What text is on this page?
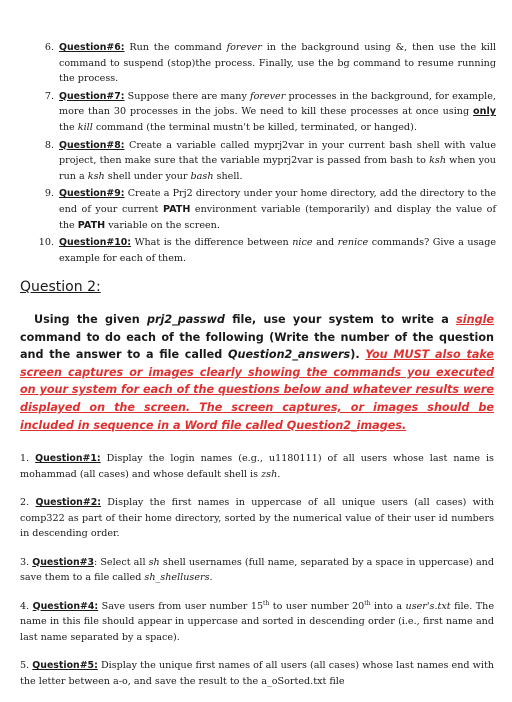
6. Question#6: Run the command forever in the background using &, then use the kill command to suspend (stop)the process. Finally, use the bg command to resume running the process.
7. Question#7: Suppose there are many forever processes in the background, for example, more than 30 processes in the jobs. We need to kill these processes at once using only the kill command (the terminal mustn't be killed, terminated, or hanged).
8. Question#8: Create a variable called myprj2var in your current bash shell with value project, then make sure that the variable myprj2var is passed from bash to ksh when you run a ksh shell under your bash shell.
9. Question#9: Create a Prj2 directory under your home directory, add the directory to the end of your current PATH environment variable (temporarily) and display the value of the PATH variable on the screen.
10. Question#10: What is the difference between nice and renice commands? Give a usage example for each of them.
Question 2:
Using the given prj2_passwd file, use your system to write a single command to do each of the following (Write the number of the question and the answer to a file called Question2_answers). You MUST also take screen captures or images clearly showing the commands you executed on your system for each of the questions below and whatever results were displayed on the screen. The screen captures, or images should be included in sequence in a Word file called Question2_images.
1. Question#1: Display the login names (e.g., u1180111) of all users whose last name is mohammad (all cases) and whose default shell is zsh.
2. Question#2: Display the first names in uppercase of all unique users (all cases) with comp322 as part of their home directory, sorted by the numerical value of their user id numbers in descending order.
3. Question#3: Select all sh shell usernames (full name, separated by a space in uppercase) and save them to a file called sh_shellusers.
4. Question#4: Save users from user number 15th to user number 20th into a user's.txt file. The name in this file should appear in uppercase and sorted in descending order (i.e., first name and last name separated by a space).
5. Question#5: Display the unique first names of all users (all cases) whose last names end with the letter between a-o, and save the result to the a_oSorted.txt file
